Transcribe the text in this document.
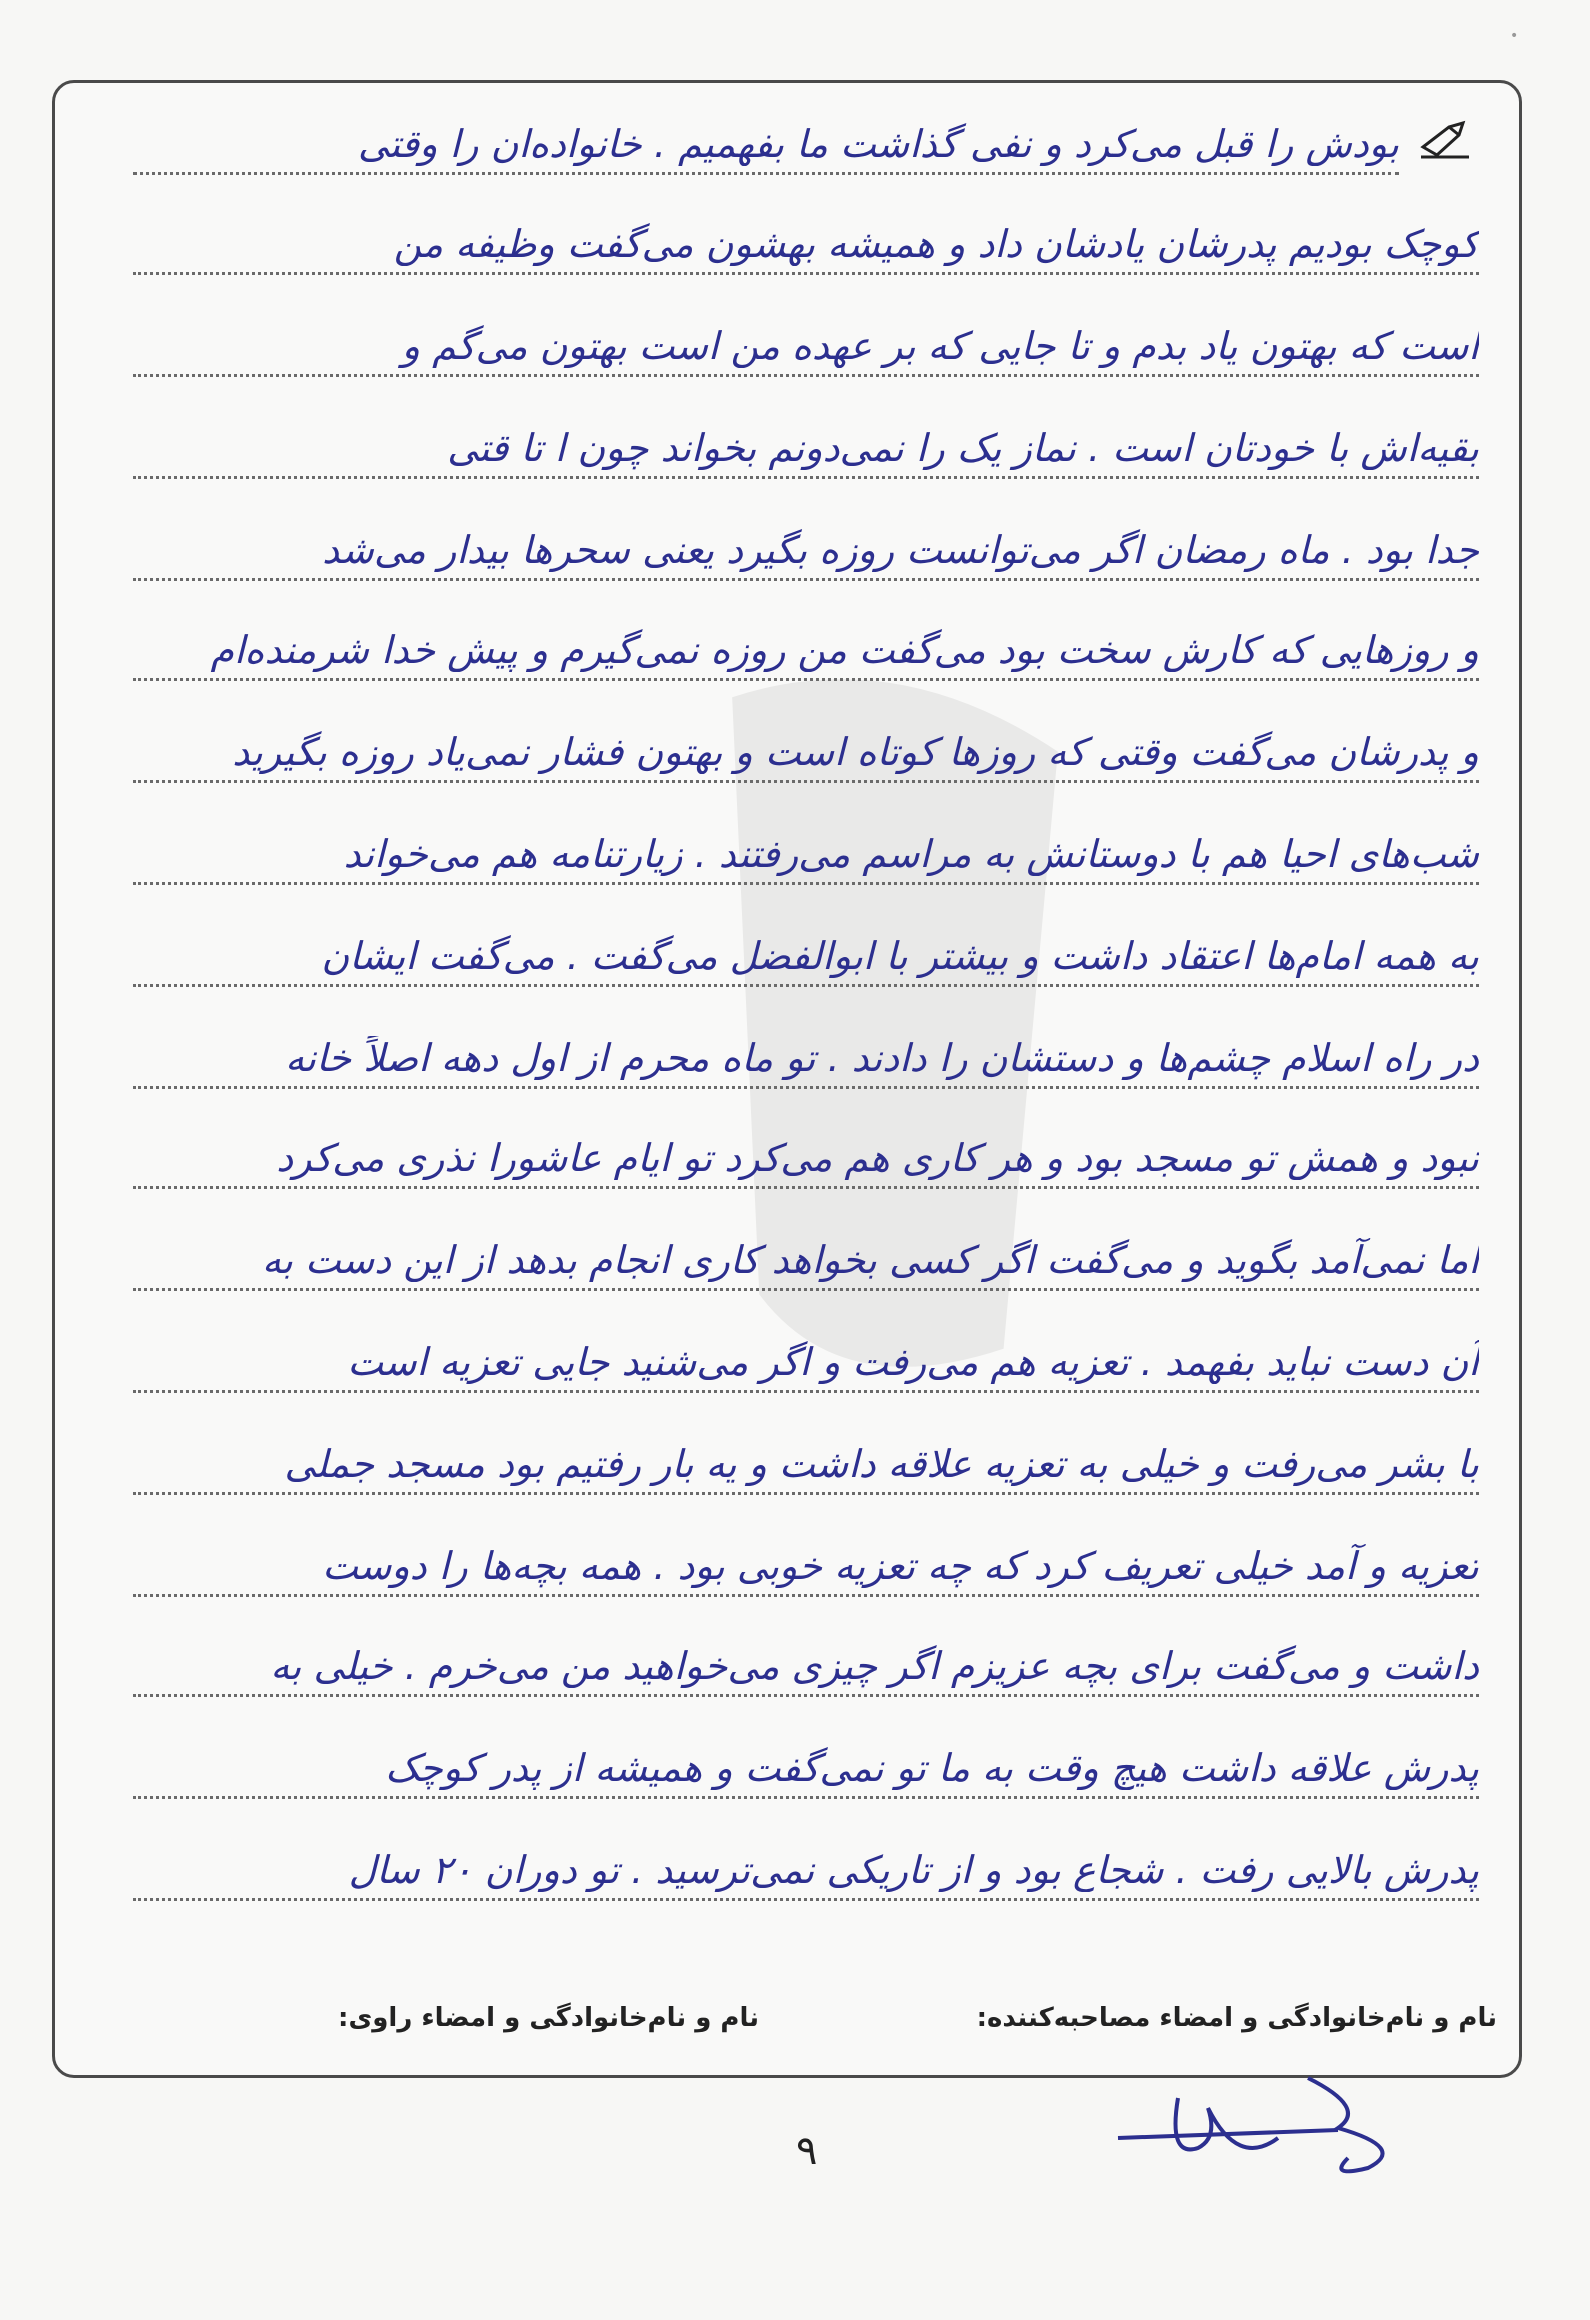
•
بودش را قبل می‌کرد و نفی گذاشت ما بفهمیم . خانواده‌ان را وقتی
کوچک بودیم پدرشان یادشان داد و همیشه بهشون می‌گفت وظیفه من
است که بهتون یاد بدم و تا جایی که بر عهده من است بهتون می‌گم و
بقیه‌اش با خودتان است . نماز یک را نمی‌دونم بخواند چون ا تا قتی
جدا بود . ماه رمضان اگر می‌توانست روزه بگیرد یعنی سحرها بیدار می‌شد
و روزهایی که کارش سخت بود می‌گفت من روزه نمی‌گیرم و پیش خدا شرمنده‌ام
و پدرشان می‌گفت وقتی که روزها کوتاه است و بهتون فشار نمی‌یاد روزه بگیرید
شب‌های احیا هم با دوستانش به مراسم می‌رفتند . زیارتنامه هم می‌خواند
به همه امام‌ها اعتقاد داشت و بیشتر با ابوالفضل می‌گفت . می‌گفت ایشان
در راه اسلام چشم‌ها و دستشان را دادند . تو ماه محرم از اول دهه اصلاً خانه
نبود و همش تو مسجد بود و هر کاری هم می‌کرد تو ایام عاشورا نذری می‌کرد
اما نمی‌آمد بگوید و می‌گفت اگر کسی بخواهد کاری انجام بدهد از این دست به
آن دست نباید بفهمد . تعزیه هم می‌رفت و اگر می‌شنید جایی تعزیه است
با بشر می‌رفت و خیلی به تعزیه علاقه داشت و یه بار رفتیم بود مسجد جملی
تعزیه و آمد خیلی تعریف کرد که چه تعزیه خوبی بود . همه بچه‌ها را دوست
داشت و می‌گفت برای بچه عزیزم اگر چیزی می‌خواهید من می‌خرم . خیلی به
پدرش علاقه داشت هیچ وقت به ما تو نمی‌گفت و همیشه از پدر کوچک
پدرش بالایی رفت . شجاع بود و از تاریکی نمی‌ترسید . تو دوران ۲۰ سال
نام و نام‌خانوادگی و امضاء مصاحبه‌کننده:
نام و نام‌خانوادگی و امضاء راوی:
۹
